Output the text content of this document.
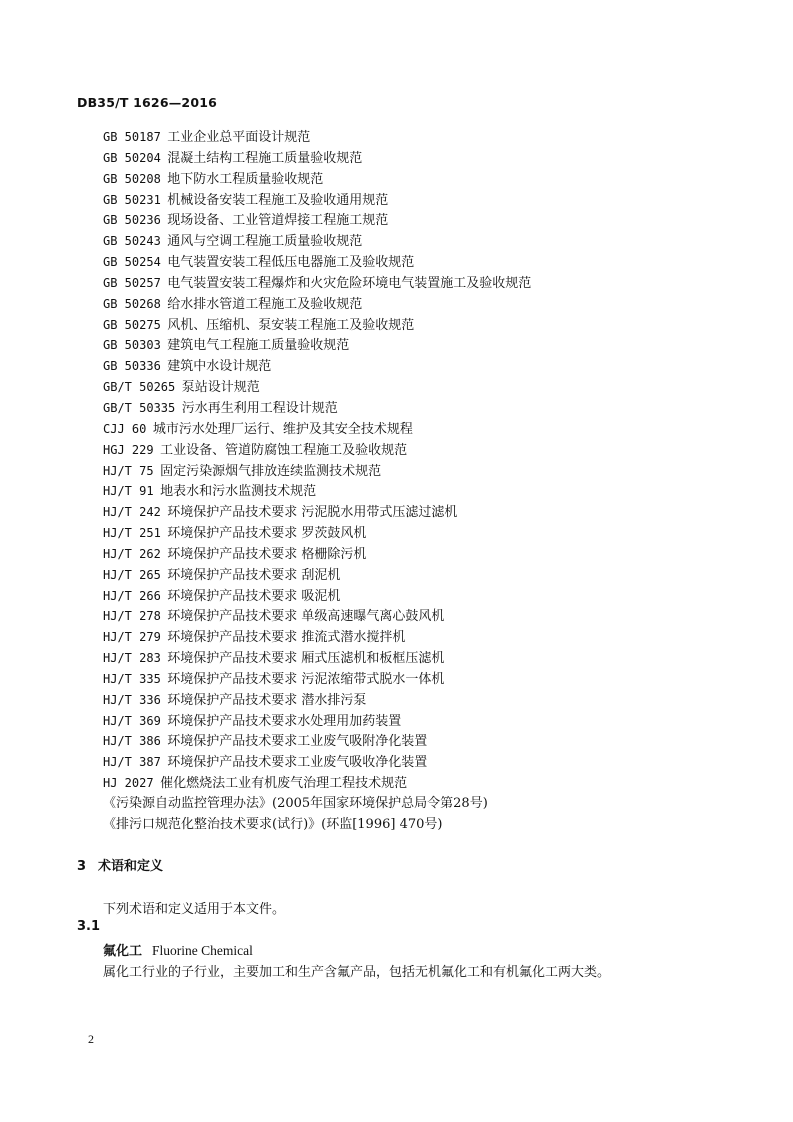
DB35/T 1626—2016
GB 50187  工业企业总平面设计规范
GB 50204  混凝土结构工程施工质量验收规范
GB 50208  地下防水工程质量验收规范
GB 50231  机械设备安装工程施工及验收通用规范
GB 50236  现场设备、工业管道焊接工程施工规范
GB 50243  通风与空调工程施工质量验收规范
GB 50254  电气装置安装工程低压电器施工及验收规范
GB 50257  电气装置安装工程爆炸和火灾危险环境电气装置施工及验收规范
GB 50268  给水排水管道工程施工及验收规范
GB 50275  风机、压缩机、泵安装工程施工及验收规范
GB 50303  建筑电气工程施工质量验收规范
GB 50336  建筑中水设计规范
GB/T 50265  泵站设计规范
GB/T 50335  污水再生利用工程设计规范
CJJ 60  城市污水处理厂运行、维护及其安全技术规程
HGJ 229  工业设备、管道防腐蚀工程施工及验收规范
HJ/T 75  固定污染源烟气排放连续监测技术规范
HJ/T 91  地表水和污水监测技术规范
HJ/T 242  环境保护产品技术要求 污泥脱水用带式压滤过滤机
HJ/T 251  环境保护产品技术要求 罗茨鼓风机
HJ/T 262  环境保护产品技术要求 格栅除污机
HJ/T 265  环境保护产品技术要求 刮泥机
HJ/T 266  环境保护产品技术要求 吸泥机
HJ/T 278  环境保护产品技术要求 单级高速曝气离心鼓风机
HJ/T 279  环境保护产品技术要求 推流式潜水搅拌机
HJ/T 283  环境保护产品技术要求 厢式压滤机和板框压滤机
HJ/T 335  环境保护产品技术要求 污泥浓缩带式脱水一体机
HJ/T 336  环境保护产品技术要求 潜水排污泵
HJ/T 369  环境保护产品技术要求水处理用加药装置
HJ/T 386  环境保护产品技术要求工业废气吸附净化装置
HJ/T 387  环境保护产品技术要求工业废气吸收净化装置
HJ 2027  催化燃烧法工业有机废气治理工程技术规范
《污染源自动监控管理办法》(2005年国家环境保护总局令第28号)
《排污口规范化整治技术要求(试行)》(环监[1996] 470号)
3 术语和定义
下列术语和定义适用于本文件。
3.1
氟化工 Fluorine Chemical
属化工行业的子行业，主要加工和生产含氟产品，包括无机氟化工和有机氟化工两大类。
2
